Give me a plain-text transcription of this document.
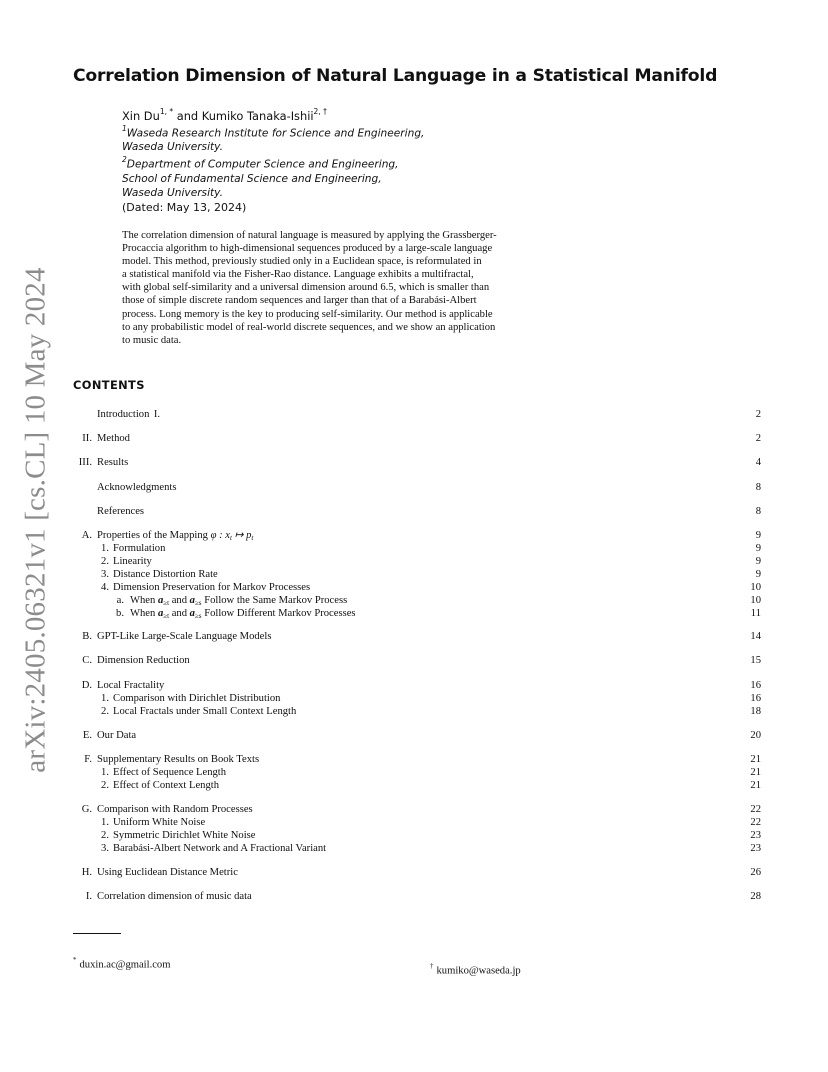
arXiv:2405.06321v1 [cs.CL] 10 May 2024
Correlation Dimension of Natural Language in a Statistical Manifold
Xin $Du^{1, *}$ and Kumiko Tanaka-Ishii$^{2, \dagger}$
$^1$Waseda Research Institute for Science and Engineering,
Waseda University.
$^2$Department of Computer Science and Engineering,
School of Fundamental Science and Engineering,
Waseda University.
(Dated: May 13, 2024)
The correlation dimension of natural language is measured by applying the Grassberger-
Procaccia algorithm to high-dimensional sequences produced by a large-scale language
model. This method, previously studied only in a Euclidean space, is reformulated in
a statistical manifold via the Fisher-Rao distance. Language exhibits a multifractal,
with global self-similarity and a universal dimension around 6.5, which is smaller than
those of simple discrete random sequences and larger than that of a Barabási-Albert
process. Long memory is the key to producing self-similarity. Our method is applicable
to any probabilistic model of real-world discrete sequences, and we show an application
to music data.
CONTENTS
I.
Introduction	2
II. Method	2
III. Results	4
Acknowledgments	8
References	8
A. Properties of the Mapping φ : $x_t$ ↦ $p_t$	9
1. Formulation	9
2. Linearity	9
3. Distance Distortion Rate	9
4. Dimension Preservation for Markov Processes	10
a. When $a_{\ge t}$ and $a_{\ge s}$ Follow the Same Markov Process	10
b. When $a_{\ge t}$ and $a_{\ge s}$ Follow Different Markov Processes	11
B. GPT-Like Large-Scale Language Models	14
C. Dimension Reduction	15
D. Local Fractality	16
1. Comparison with Dirichlet Distribution	16
2. Local Fractals under Small Context Length	18
E. Our Data	20
F. Supplementary Results on Book Texts	21
1. Effect of Sequence Length	21
2. Effect of Context Length	21
G. Comparison with Random Processes	22
1. Uniform White Noise	22
2. Symmetric Dirichlet White Noise	23
3. Barabási-Albert Network and A Fractional Variant	23
H. Using Euclidean Distance Metric	26
I. Correlation dimension of music data	28
* duxin.ac@gmail.com	† kumiko@waseda.jp
